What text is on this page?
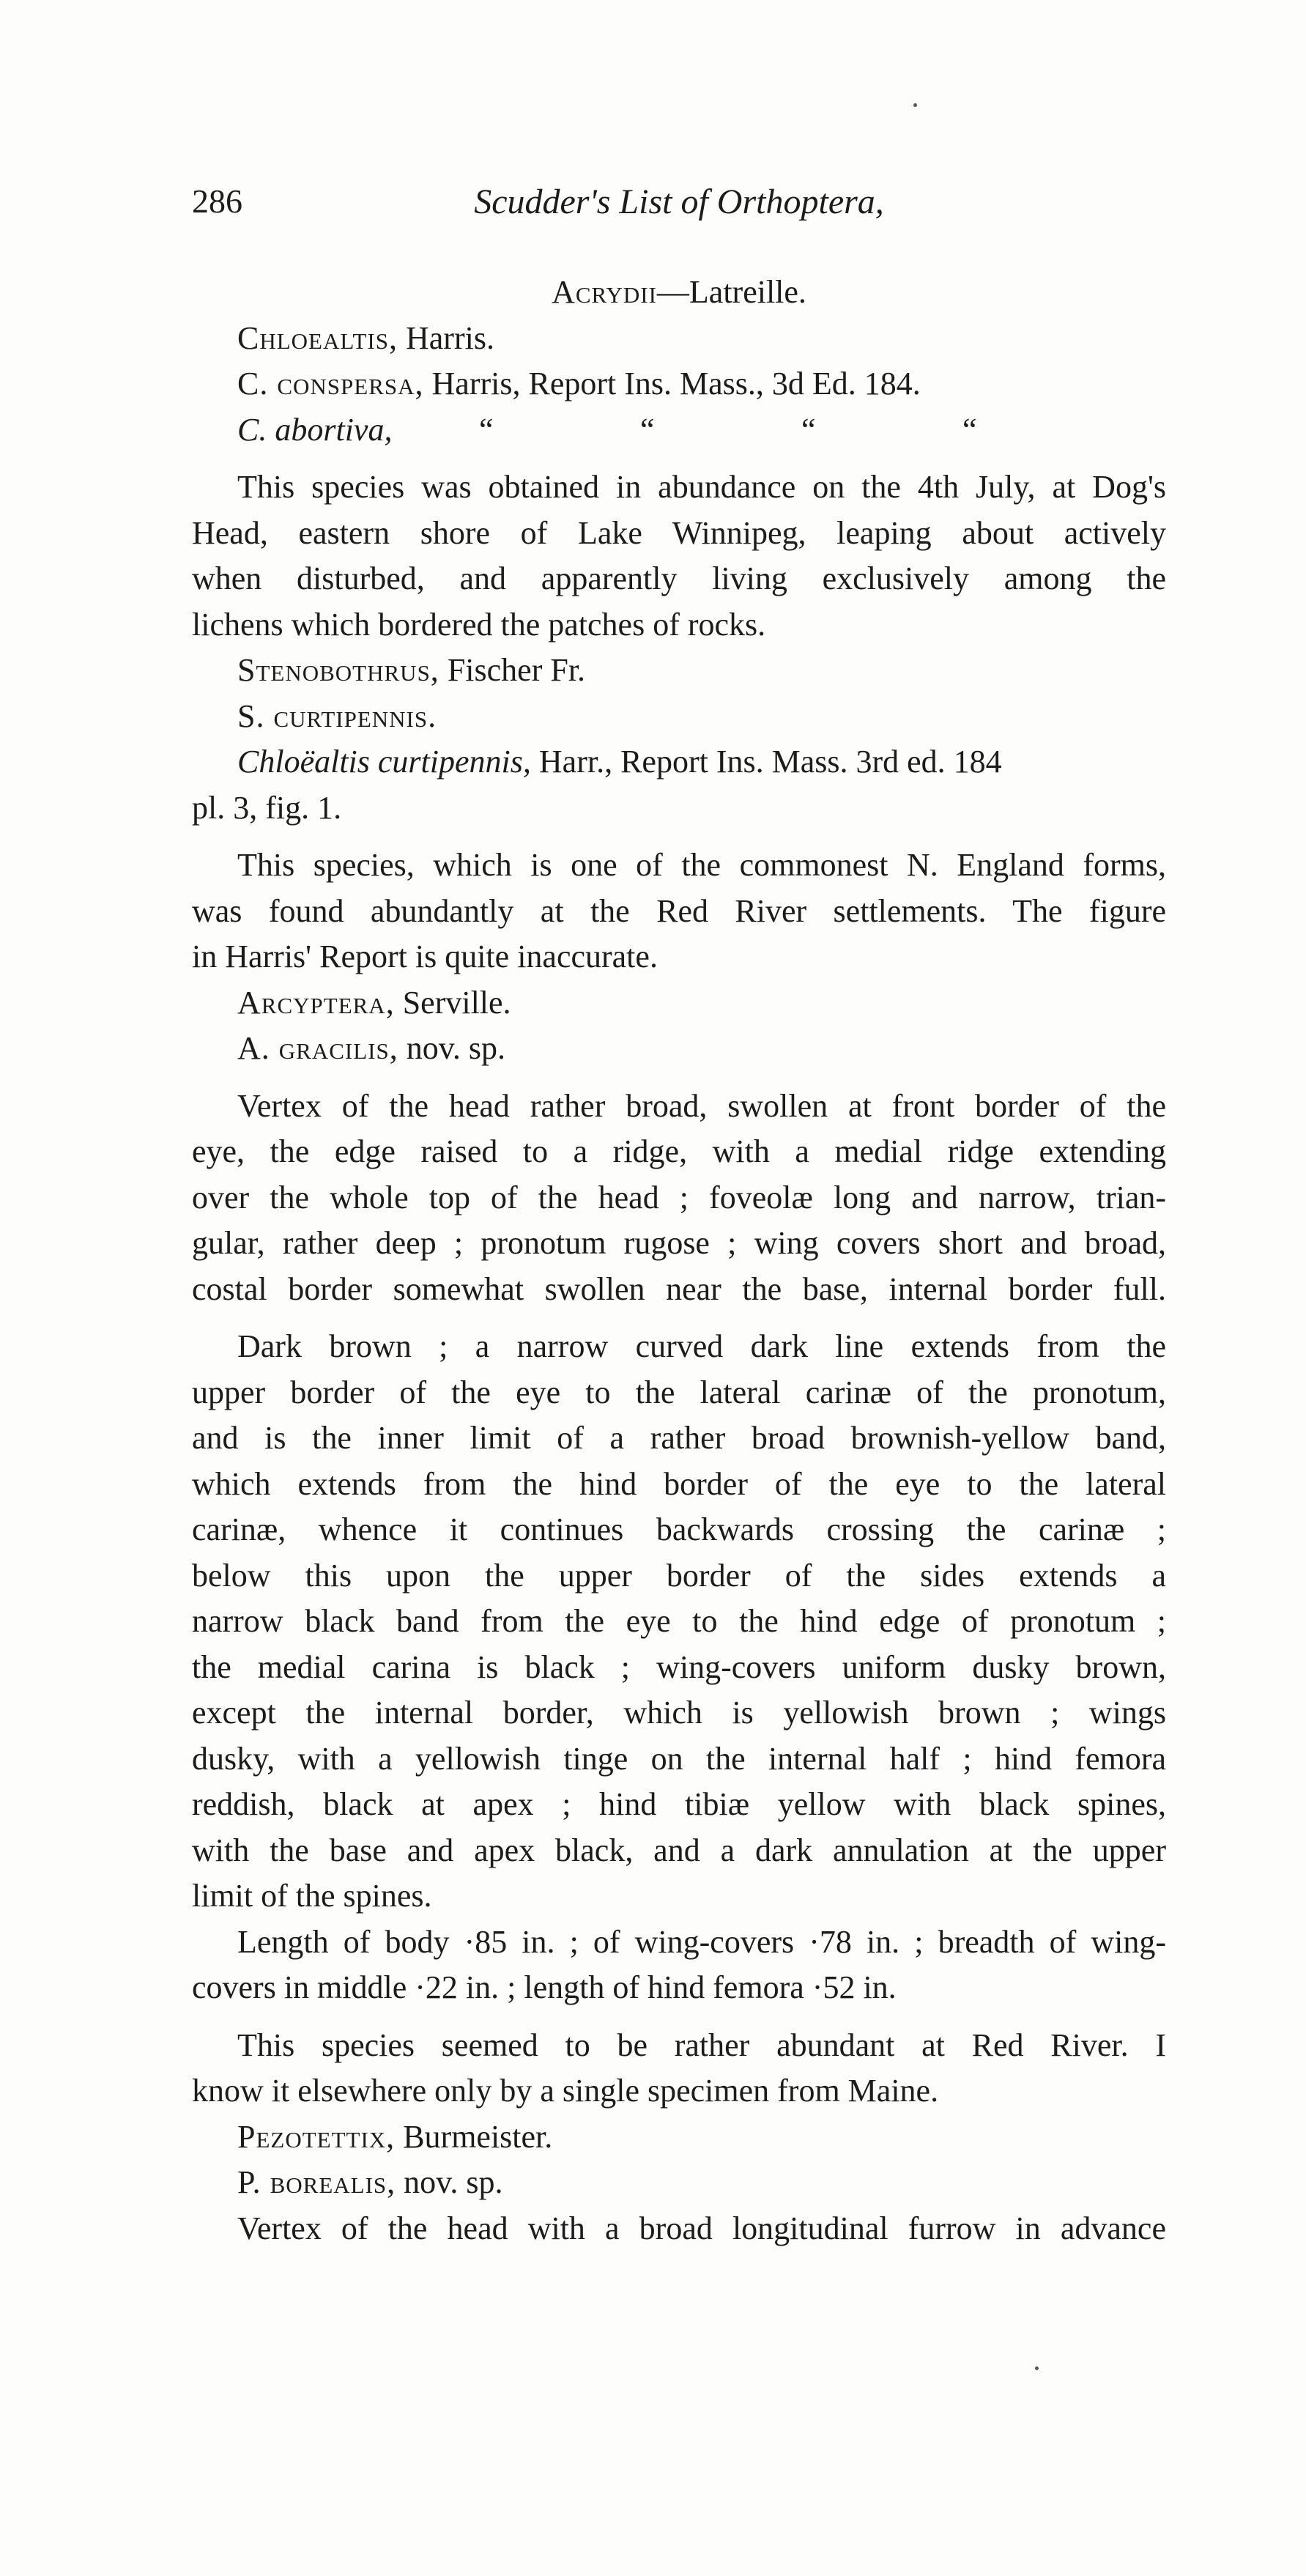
286	Scudder's List of Orthoptera,
Acrydii—Latreille.
Chloealtis, Harris.
C. conspersa, Harris, Report Ins. Mass., 3d Ed. 184.
C. abortiva,	“	“	“	“
This species was obtained in abundance on the 4th July, at Dog's
Head, eastern shore of Lake Winnipeg, leaping about actively
when disturbed, and apparently living exclusively among the
lichens which bordered the patches of rocks.
Stenobothrus, Fischer Fr.
S. curtipennis.
Chloëaltis curtipennis, Harr., Report Ins. Mass. 3rd ed. 184
pl. 3, fig. 1.
This species, which is one of the commonest N. England forms,
was found abundantly at the Red River settlements. The figure
in Harris' Report is quite inaccurate.
Arcyptera, Serville.
A. gracilis, nov. sp.
Vertex of the head rather broad, swollen at front border of the
eye, the edge raised to a ridge, with a medial ridge extending
over the whole top of the head ; foveolæ long and narrow, trian-
gular, rather deep ; pronotum rugose ; wing covers short and broad,
costal border somewhat swollen near the base, internal border full.
Dark brown ; a narrow curved dark line extends from the
upper border of the eye to the lateral carinæ of the pronotum,
and is the inner limit of a rather broad brownish-yellow band,
which extends from the hind border of the eye to the lateral
carinæ, whence it continues backwards crossing the carinæ ;
below this upon the upper border of the sides extends a
narrow black band from the eye to the hind edge of pronotum ;
the medial carina is black ; wing-covers uniform dusky brown,
except the internal border, which is yellowish brown ; wings
dusky, with a yellowish tinge on the internal half ; hind femora
reddish, black at apex ; hind tibiæ yellow with black spines,
with the base and apex black, and a dark annulation at the upper
limit of the spines.
Length of body ·85 in. ; of wing-covers ·78 in. ; breadth of wing-
covers in middle ·22 in. ; length of hind femora ·52 in.
This species seemed to be rather abundant at Red River. I
know it elsewhere only by a single specimen from Maine.
Pezotettix, Burmeister.
P. borealis, nov. sp.
Vertex of the head with a broad longitudinal furrow in advance
